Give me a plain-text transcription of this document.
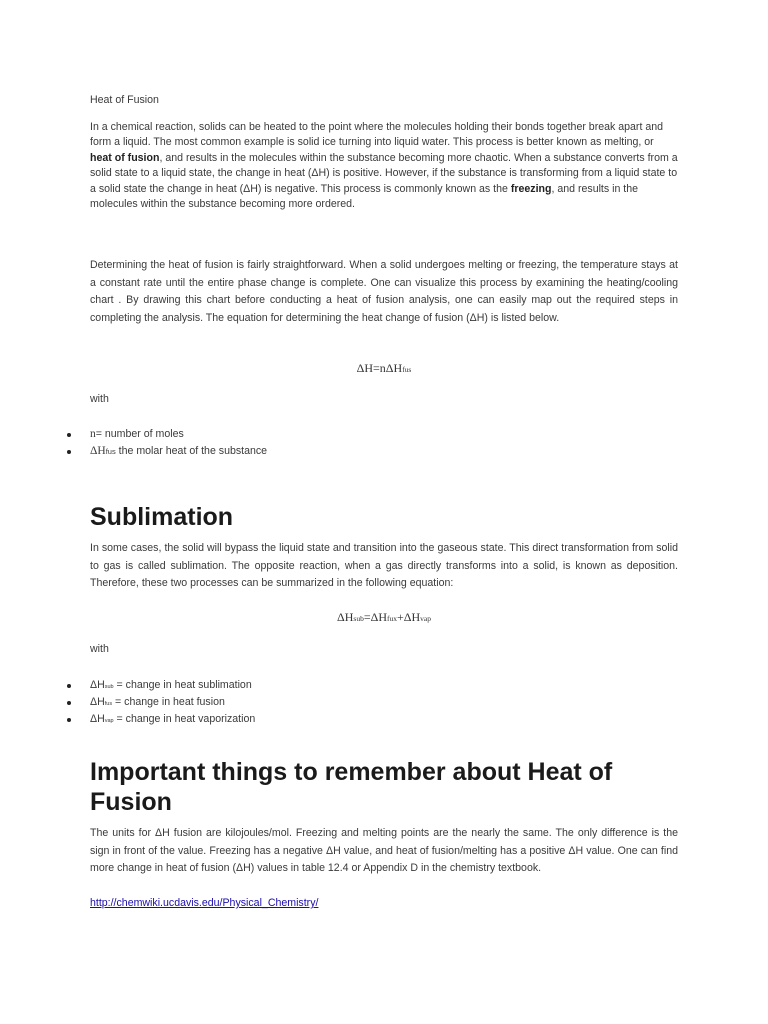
Heat of Fusion

In a chemical reaction, solids can be heated to the point where the molecules holding their bonds together break apart and form a liquid. The most common example is solid ice turning into liquid water. This process is better known as melting, or heat of fusion, and results in the molecules within the substance becoming more chaotic. When a substance converts from a solid state to a liquid state, the change in heat (ΔH) is positive. However, if the substance is transforming from a liquid state to a solid state the change in heat (ΔH) is negative. This process is commonly known as the freezing, and results in the molecules within the substance becoming more ordered.

Determining the heat of fusion is fairly straightforward. When a solid undergoes melting or freezing, the temperature stays at a constant rate until the entire phase change is complete. One can visualize this process by examining the heating/cooling chart . By drawing this chart before conducting a heat of fusion analysis, one can easily map out the required steps in completing the analysis. The equation for determining the heat change of fusion (ΔH) is listed below.

ΔH=nΔHfus
with
n= number of moles
ΔHfus the molar heat of the substance
Sublimation

In some cases, the solid will bypass the liquid state and transition into the gaseous state. This direct transformation from solid to gas is called sublimation. The opposite reaction, when a gas directly transforms into a solid, is known as deposition. Therefore, these two processes can be summarized in the following equation:

ΔHsub=ΔHfux+ΔHvap
with
ΔHsub = change in heat sublimation
ΔHfus = change in heat fusion
ΔHvap = change in heat vaporization
Important things to remember about Heat of Fusion

The units for ΔH fusion are kilojoules/mol. Freezing and melting points are the nearly the same. The only difference is the sign in front of the value. Freezing has a negative ΔH value, and heat of fusion/melting has a positive ΔH value. One can find more change in heat of fusion (ΔH) values in table 12.4 or Appendix D in the chemistry textbook.

http://chemwiki.ucdavis.edu/Physical_Chemistry/
